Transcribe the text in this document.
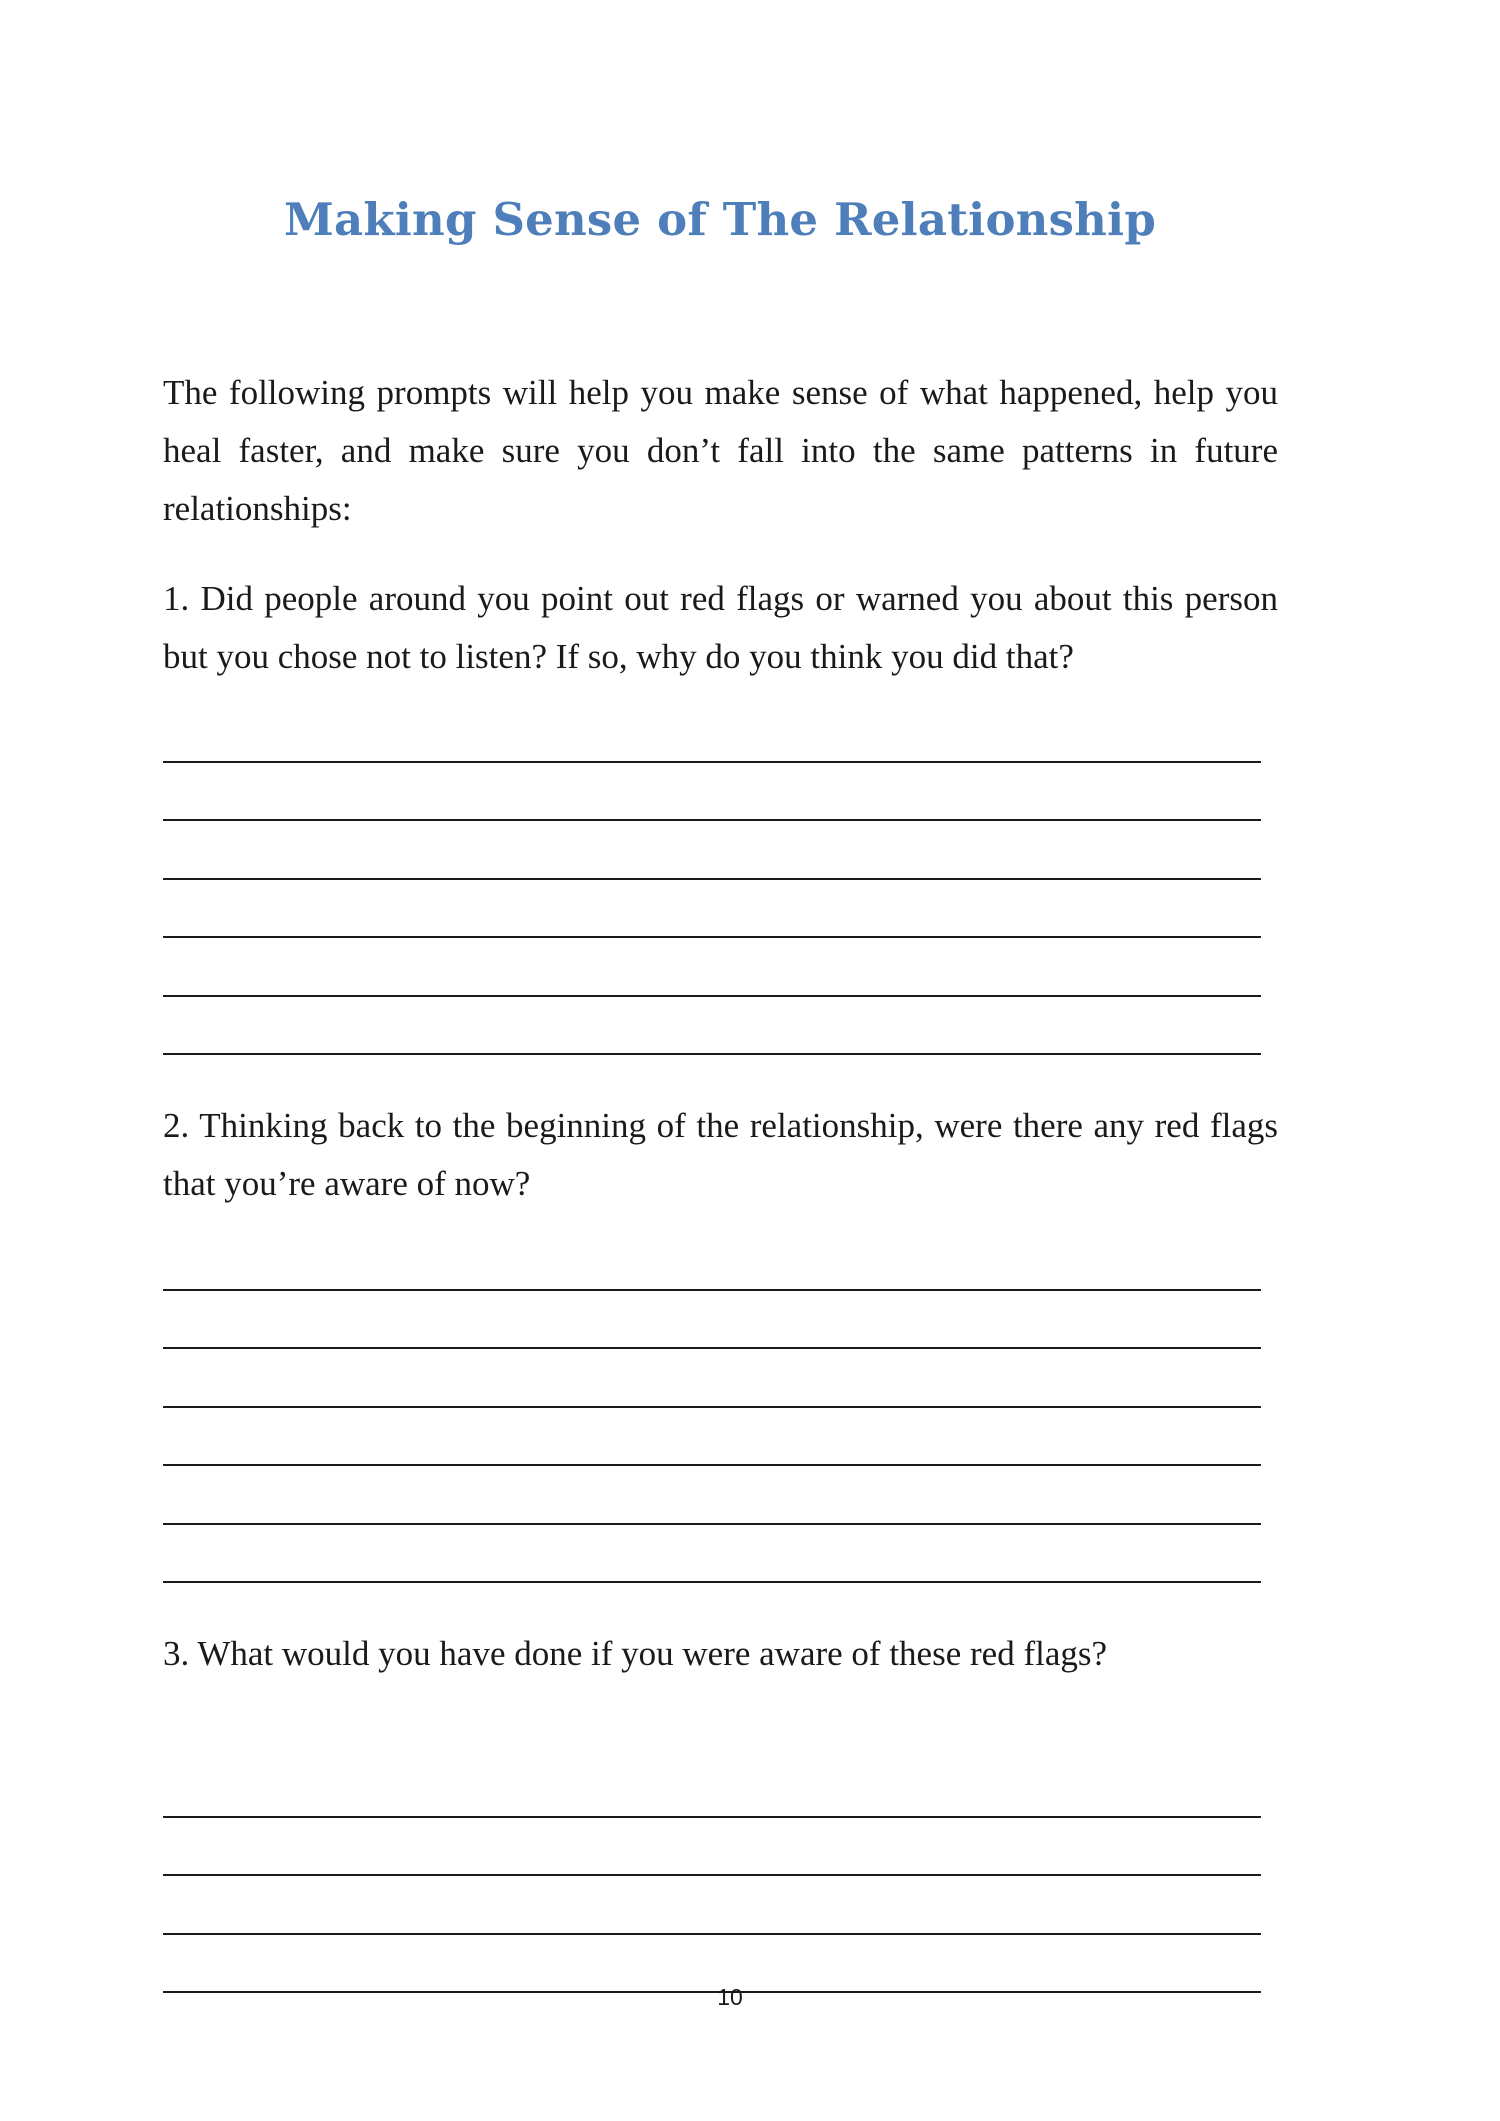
Making Sense of The Relationship

The following prompts will help you make sense of what happened, help you heal faster, and make sure you don’t fall into the same patterns in future relationships:

1. Did people around you point out red flags or warned you about this person but you chose not to listen? If so, why do you think you did that?

2. Thinking back to the beginning of the relationship, were there any red flags that you’re aware of now?

3. What would you have done if you were aware of these red flags?

10
